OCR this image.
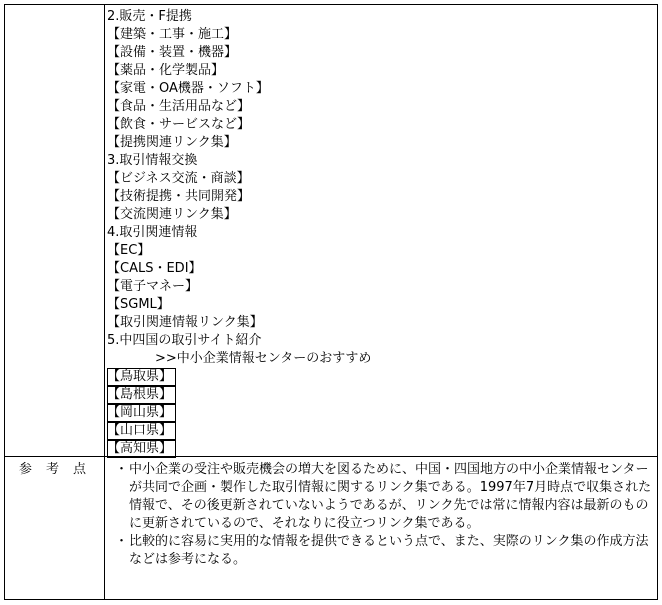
2.販売・F提携
【建築・工事・施工】
【設備・装置・機器】
【薬品・化学製品】
【家電・OA機器・ソフト】
【食品・生活用品など】
【飲食・サービスなど】
【提携関連リンク集】
3.取引情報交換
【ビジネス交流・商談】
【技術提携・共同開発】
【交流関連リンク集】
4.取引関連情報
【EC】
【CALS・EDI】
【電子マネー】
【SGML】
【取引関連情報リンク集】
5.中四国の取引サイト紹介
>>中小企業情報センターのおすすめ
【鳥取県】
【島根県】
【岡山県】
【山口県】
【高知県】
参考点	・ 中小企業の受注や販売機会の増大を図るために、中国・四国地方の中小企業情報センターが共同で企画・製作した取引情報に関するリンク集である。1997年7月時点で収集された情報で、その後更新されていないようであるが、リンク先では常に情報内容は最新のものに更新されているので、それなりに役立つリンク集である。
・ 比較的に容易に実用的な情報を提供できるという点で、また、実際のリンク集の作成方法などは参考になる。
